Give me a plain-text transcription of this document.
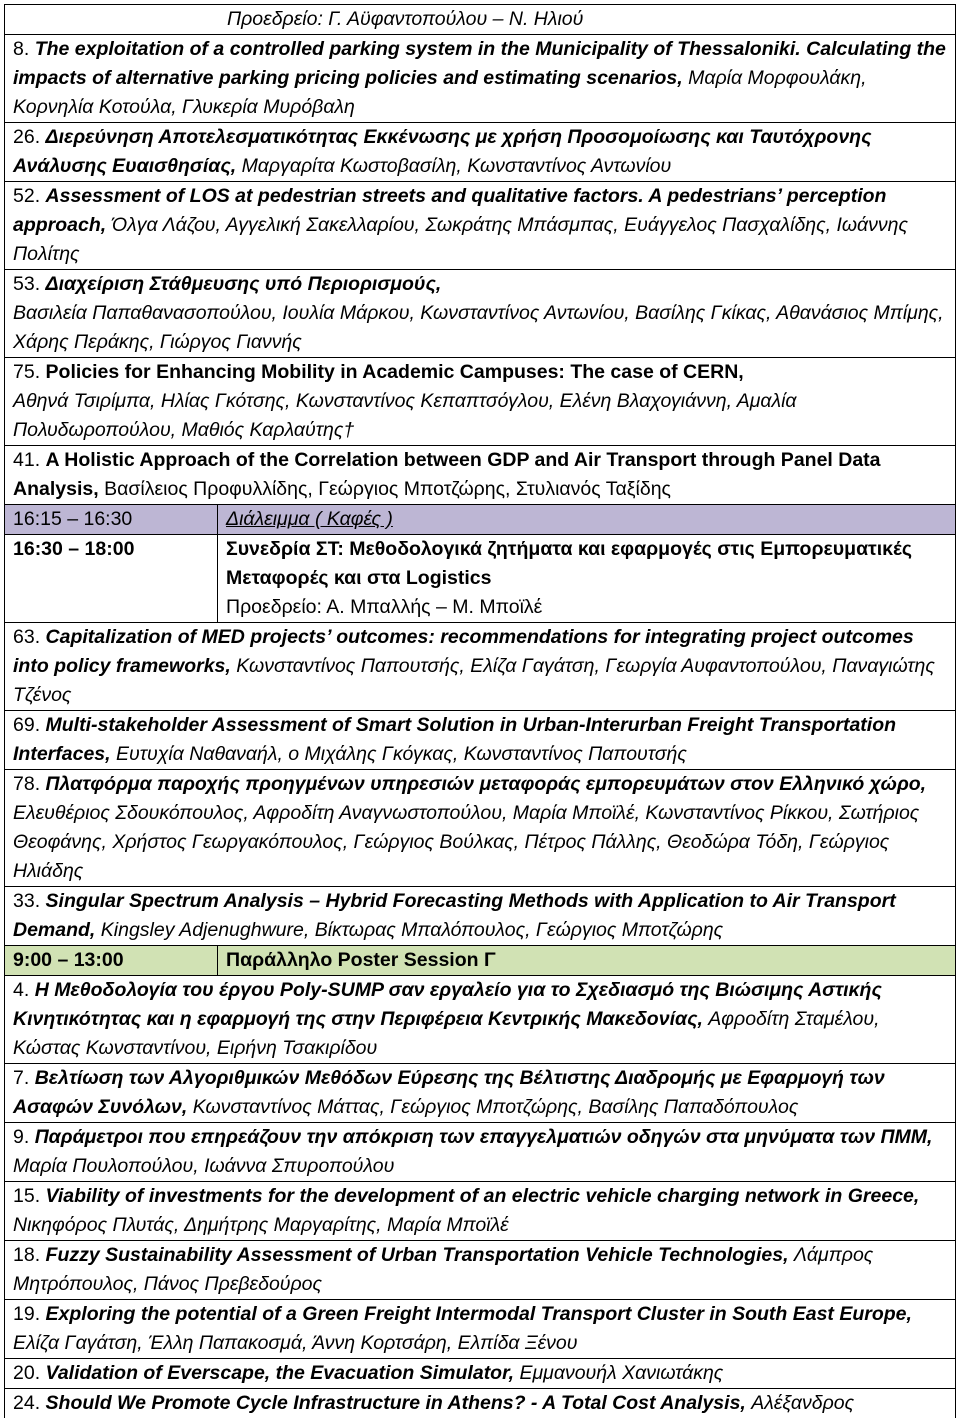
Προεδρείο: Γ. Αϋφαντοπούλου – Ν. Ηλιού	
8. The exploitation of a controlled parking system in the Municipality of Thessaloniki. Calculating the impacts of alternative parking pricing policies and estimating scenarios, Μαρία Μορφουλάκη, Κορνηλία Κοτούλα, Γλυκερία Μυρόβαλη	
26. Διερεύνηση Αποτελεσματικότητας Εκκένωσης με χρήση Προσομοίωσης και Ταυτόχρονης Ανάλυσης Ευαισθησίας, Μαργαρίτα Κωστοβασίλη, Κωνσταντίνος Αντωνίου	
52. Assessment of LOS at pedestrian streets and qualitative factors. A pedestrians’ perception approach, Όλγα Λάζου, Αγγελική Σακελλαρίου, Σωκράτης Μπάσμπας, Ευάγγελος Πασχαλίδης, Ιωάννης Πολίτης	
53. Διαχείριση Στάθμευσης υπό Περιορισμούς,
Βασιλεία Παπαθανασοπούλου, Ιουλία Μάρκου, Κωνσταντίνος Αντωνίου, Βασίλης Γκίκας, Αθανάσιος Μπίμης, Χάρης Περάκης, Γιώργος Γιαννής	
75. Policies for Enhancing Mobility in Academic Campuses: The case of CERN,
Αθηνά Τσιρίμπα, Ηλίας Γκότσης, Κωνσταντίνος Κεπαπτσόγλου, Ελένη Βλαχογιάννη, Αμαλία Πολυδωροπούλου, Μαθιός Καρλαύτης†	
41. A Holistic Approach of the Correlation between GDP and Air Transport through Panel Data Analysis, Βασίλειος Προφυλλίδης, Γεώργιος Μποτζώρης, Στυλιανός Ταξίδης	
16:15 – 16:30	Διάλειμμα ( Καφές )
16:30 – 18:00	Συνεδρία ΣΤ: Μεθοδολογικά ζητήματα και εφαρμογές στις Εμπορευματικές Μεταφορές και στα Logistics
Προεδρείο: Α. Μπαλλής – Μ. Μποϊλέ
63. Capitalization of MED projects’ outcomes: recommendations for integrating project outcomes into policy frameworks, Κωνσταντίνος Παπουτσής, Ελίζα Γαγάτση, Γεωργία Αυφαντοπούλου, Παναγιώτης Τζένος	
69. Multi-stakeholder Assessment of Smart Solution in Urban-Interurban Freight Transportation Interfaces, Ευτυχία Ναθαναήλ, ο Μιχάλης Γκόγκας, Κωνσταντίνος Παπουτσής	
78. Πλατφόρμα παροχής προηγμένων υπηρεσιών μεταφοράς εμπορευμάτων στον Ελληνικό χώρο, Ελευθέριος Σδουκόπουλος, Αφροδίτη Αναγνωστοπούλου, Μαρία Μποϊλέ, Κωνσταντίνος Ρίκκου, Σωτήριος Θεοφάνης, Χρήστος Γεωργακόπουλος, Γεώργιος Βούλκας, Πέτρος Πάλλης, Θεοδώρα Τόδη, Γεώργιος Ηλιάδης	
33. Singular Spectrum Analysis – Hybrid Forecasting Methods with Application to Air Transport Demand, Kingsley Adjenughwure, Βίκτωρας Μπαλόπουλος, Γεώργιος Μποτζώρης	
9:00 – 13:00	Παράλληλο Poster Session Γ
4. Η Μεθοδολογία του έργου Poly-SUMP σαν εργαλείο για το Σχεδιασμό της Βιώσιμης Αστικής Κινητικότητας και η εφαρμογή της στην Περιφέρεια Κεντρικής Μακεδονίας, Αφροδίτη Σταμέλου, Κώστας Κωνσταντίνου, Ειρήνη Τσακιρίδου	
7. Βελτίωση των Αλγοριθμικών Μεθόδων Εύρεσης της Βέλτιστης Διαδρομής με Εφαρμογή των Ασαφών Συνόλων, Κωνσταντίνος Μάττας, Γεώργιος Μποτζώρης, Βασίλης Παπαδόπουλος	
9. Παράμετροι που επηρεάζουν την απόκριση των επαγγελματιών οδηγών στα μηνύματα των ΠΜΜ, Μαρία Πουλοπούλου, Ιωάννα Σπυροπούλου	
15. Viability of investments for the development of an electric vehicle charging network in Greece, Νικηφόρος Πλυτάς, Δημήτρης Μαργαρίτης, Μαρία Μποϊλέ	
18. Fuzzy Sustainability Assessment of Urban Transportation Vehicle Technologies, Λάμπρος Μητρόπουλος, Πάνος Πρεβεδούρος	
19. Exploring the potential of a Green Freight Intermodal Transport Cluster in South East Europe, Ελίζα Γαγάτση, Έλλη Παπακοσμά, Άννη Κορτσάρη, Ελπίδα Ξένου	
20. Validation of Everscape, the Evacuation Simulator, Εμμανουήλ Χανιωτάκης	
24. Should We Promote Cycle Infrastructure in Athens? - A Total Cost Analysis, Αλέξανδρος	
